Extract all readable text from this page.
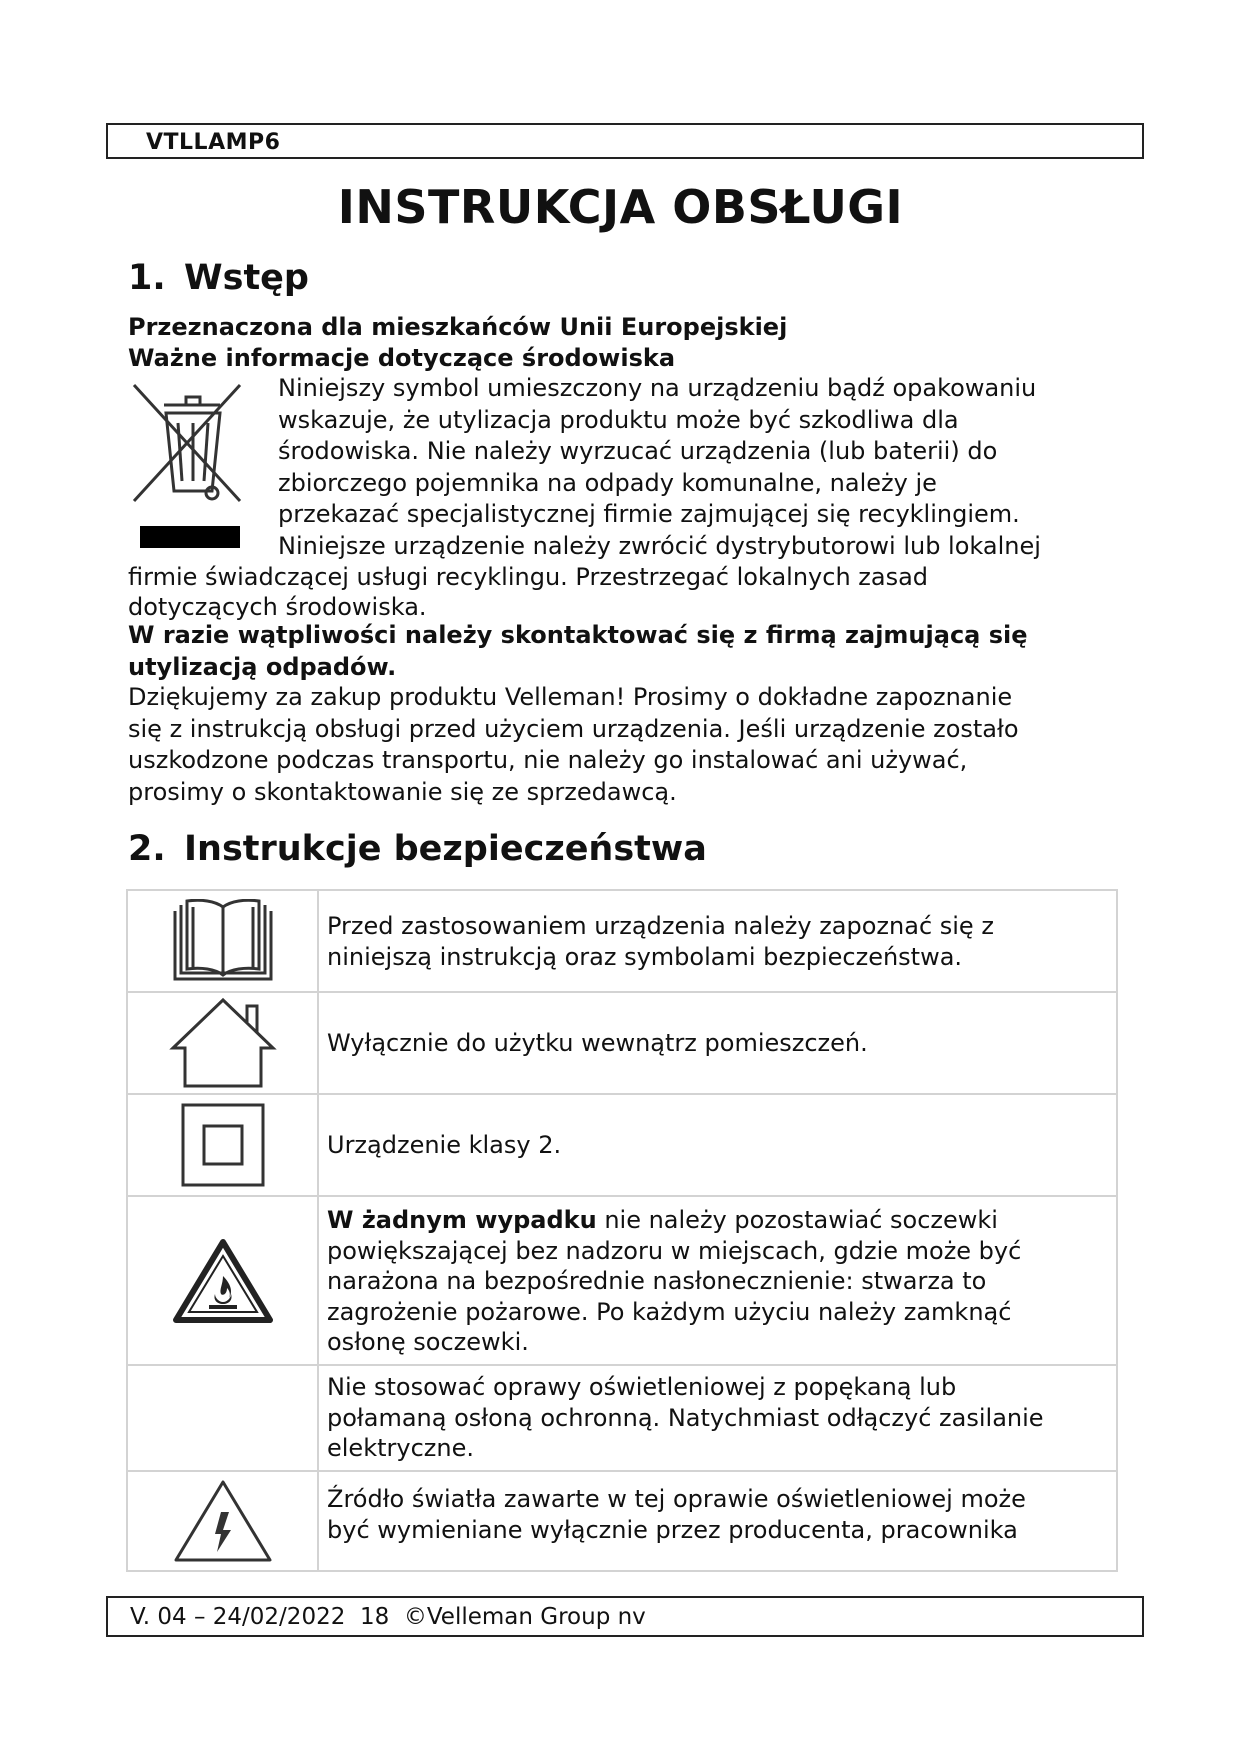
VTLLAMP6
INSTRUKCJA OBSŁUGI
1. Wstęp
Przeznaczona dla mieszkańców Unii Europejskiej
Ważne informacje dotyczące środowiska
Niniejszy symbol umieszczony na urządzeniu bądź opakowaniu
wskazuje, że utylizacja produktu może być szkodliwa dla
środowiska. Nie należy wyrzucać urządzenia (lub baterii) do
zbiorczego pojemnika na odpady komunalne, należy je
przekazać specjalistycznej firmie zajmującej się recyklingiem.
Niniejsze urządzenie należy zwrócić dystrybutorowi lub lokalnej
firmie świadczącej usługi recyklingu. Przestrzegać lokalnych zasad
dotyczących środowiska.
W razie wątpliwości należy skontaktować się z firmą zajmującą się
utylizacją odpadów.
Dziękujemy za zakup produktu Velleman! Prosimy o dokładne zapoznanie
się z instrukcją obsługi przed użyciem urządzenia. Jeśli urządzenie zostało
uszkodzone podczas transportu, nie należy go instalować ani używać,
prosimy o skontaktowanie się ze sprzedawcą.
2. Instrukcje bezpieczeństwa

Przed zastosowaniem urządzenia należy zapoznać się z
niniejszą instrukcją oraz symbolami bezpieczeństwa.

Wyłącznie do użytku wewnątrz pomieszczeń.

Urządzenie klasy 2.

W żadnym wypadku nie należy pozostawiać soczewki
powiększającej bez nadzoru w miejscach, gdzie może być
narażona na bezpośrednie nasłonecznienie: stwarza to
zagrożenie pożarowe. Po każdym użyciu należy zamknąć
osłonę soczewki.

	Nie stosować oprawy oświetleniowej z popękaną lub
połamaną osłoną ochronną. Natychmiast odłączyć zasilanie
elektryczne.

Źródło światła zawarte w tej oprawie oświetleniowej może
być wymieniane wyłącznie przez producenta, pracownika
V. 04 – 24/02/2022  18  ©Velleman Group nv
